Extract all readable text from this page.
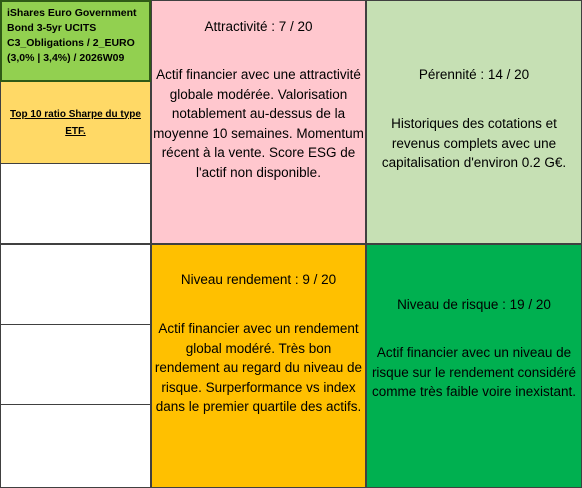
iShares Euro Government
Bond 3-5yr UCITS
C3_Obligations / 2_EURO
(3,0% | 3,4%) / 2026W09
Top 10 ratio Sharpe du type ETF.
Attractivité : 7 / 20
Actif financier avec une attractivité globale modérée. Valorisation notablement au-dessus de la moyenne 10 semaines. Momentum récent à la vente. Score ESG de l'actif non disponible.
Pérennité : 14 / 20
Historiques des cotations et revenus complets avec une capitalisation d'environ 0.2 G€.
Niveau rendement : 9 / 20
Actif financier avec un rendement global modéré. Très bon rendement au regard du niveau de risque. Surperformance vs index dans le premier quartile des actifs.
Niveau de risque : 19 / 20
Actif financier avec un niveau de risque sur le rendement considéré comme très faible voire inexistant.
